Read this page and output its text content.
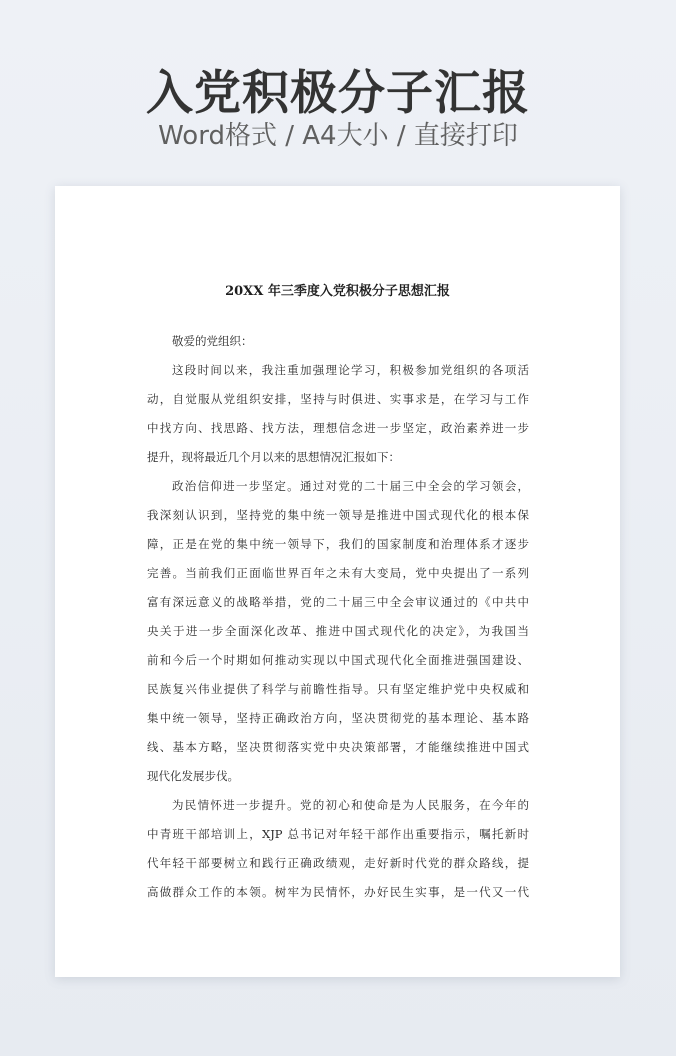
入党积极分子汇报
Word格式 / A4大小 / 直接打印
20XX 年三季度入党积极分子思想汇报
敬爱的党组织：
这段时间以来，我注重加强理论学习，积极参加党组织的各项活
动，自觉服从党组织安排，坚持与时俱进、实事求是，在学习与工作
中找方向、找思路、找方法，理想信念进一步坚定，政治素养进一步
提升，现将最近几个月以来的思想情况汇报如下：
政治信仰进一步坚定。通过对党的二十届三中全会的学习领会，
我深刻认识到，坚持党的集中统一领导是推进中国式现代化的根本保
障，正是在党的集中统一领导下，我们的国家制度和治理体系才逐步
完善。当前我们正面临世界百年之未有大变局，党中央提出了一系列
富有深远意义的战略举措，党的二十届三中全会审议通过的《中共中
央关于进一步全面深化改革、推进中国式现代化的决定》，为我国当
前和今后一个时期如何推动实现以中国式现代化全面推进强国建设、
民族复兴伟业提供了科学与前瞻性指导。只有坚定维护党中央权威和
集中统一领导，坚持正确政治方向，坚决贯彻党的基本理论、基本路
线、基本方略，坚决贯彻落实党中央决策部署，才能继续推进中国式
现代化发展步伐。
为民情怀进一步提升。党的初心和使命是为人民服务，在今年的
中青班干部培训上，XJP 总书记对年轻干部作出重要指示，嘱托新时
代年轻干部要树立和践行正确政绩观，走好新时代党的群众路线，提
高做群众工作的本领。树牢为民情怀，办好民生实事，是一代又一代
